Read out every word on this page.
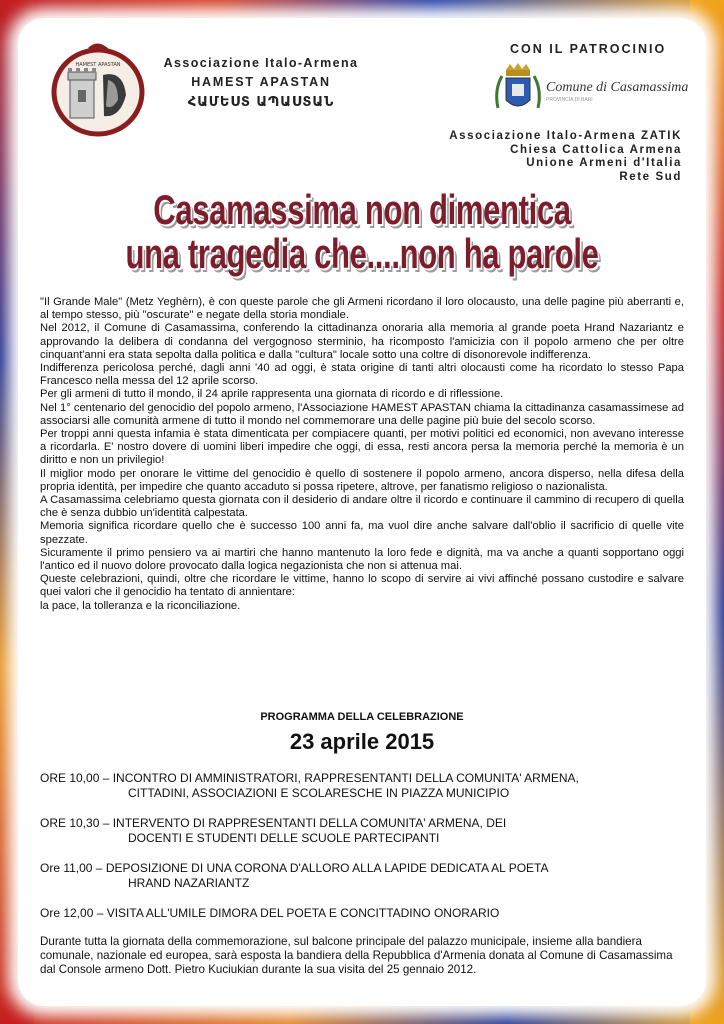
HAMEST APASTAN	Associazione Italo-Armena
HAMEST APASTAN
ՀԱՄԵՍՏ ԱՊԱՍՏԱՆ
CON IL PATROCINIO
Comune di Casamassima
PROVINCIA DI BARI
Associazione Italo-Armena ZATIK
Chiesa Cattolica Armena
Unione Armeni d'Italia
Rete Sud
Casamassima non dimentica
una tragedia che....non ha parole

"Il Grande Male" (Metz Yeghèrn), è con queste parole che gli Armeni ricordano il loro olocausto, una delle pagine più aberranti e, al tempo stesso, più "oscurate" e negate della storia mondiale.

Nel 2012, il Comune di Casamassima, conferendo la cittadinanza onoraria alla memoria al grande poeta Hrand Nazariantz e approvando la delibera di condanna del vergognoso sterminio, ha ricomposto l'amicizia con il popolo armeno che per oltre cinquant'anni era stata sepolta dalla politica e dalla "cultura" locale sotto una coltre di disonorevole indifferenza.

Indifferenza pericolosa perché, dagli anni '40 ad oggi, è stata origine di tanti altri olocausti come ha ricordato lo stesso Papa Francesco nella messa del 12 aprile scorso.

Per gli armeni di tutto il mondo, il 24 aprile rappresenta una giornata di ricordo e di riflessione.

Nel 1° centenario del genocidio del popolo armeno, l'Associazione HAMEST APASTAN chiama la cittadinanza casamassimese ad associarsi alle comunità armene di tutto il mondo nel commemorare una delle pagine più buie del secolo scorso.

Per troppi anni questa infamia è stata dimenticata per compiacere quanti, per motivi politici ed economici, non avevano interesse a ricordarla. E' nostro dovere di uomini liberi impedire che oggi, di essa, resti ancora persa la memoria perché la memoria è un diritto e non un privilegio!

Il miglior modo per onorare le vittime del genocidio è quello di sostenere il popolo armeno, ancora disperso, nella difesa della propria identità, per impedire che quanto accaduto si possa ripetere, altrove, per fanatismo religioso o nazionalista.

A Casamassima celebriamo questa giornata con il desiderio di andare oltre il ricordo e continuare il cammino di recupero di quella che è senza dubbio un'identità calpestata.

Memoria significa ricordare quello che è successo 100 anni fa, ma vuol dire anche salvare dall'oblio il sacrificio di quelle vite spezzate.

Sicuramente il primo pensiero va ai martiri che hanno mantenuto la loro fede e dignità, ma va anche a quanti sopportano oggi l'antico ed il nuovo dolore provocato dalla logica negazionista che non si attenua mai.

Queste celebrazioni, quindi, oltre che ricordare le vittime, hanno lo scopo di servire ai vivi affinché possano custodire e salvare quei valori che il genocidio ha tentato di annientare:

la pace, la tolleranza e la riconciliazione.

PROGRAMMA DELLA CELEBRAZIONE
23 aprile 2015
ORE 10,00 – INCONTRO DI AMMINISTRATORI, RAPPRESENTANTI DELLA COMUNITA' ARMENA,
CITTADINI, ASSOCIAZIONI E SCOLARESCHE IN PIAZZA MUNICIPIO
ORE 10,30 – INTERVENTO DI RAPPRESENTANTI DELLA COMUNITA' ARMENA, DEI
DOCENTI E STUDENTI DELLE SCUOLE PARTECIPANTI
Ore 11,00 – DEPOSIZIONE DI UNA CORONA D'ALLORO ALLA LAPIDE DEDICATA AL POETA
HRAND NAZARIANTZ
Ore 12,00 – VISITA ALL'UMILE DIMORA DEL POETA E CONCITTADINO ONORARIO
Durante tutta la giornata della commemorazione, sul balcone principale del palazzo municipale, insieme alla bandiera comunale, nazionale ed europea, sarà esposta la bandiera della Repubblica d'Armenia donata al Comune di Casamassima dal Console armeno Dott. Pietro Kuciukian durante la sua visita del 25 gennaio 2012.
